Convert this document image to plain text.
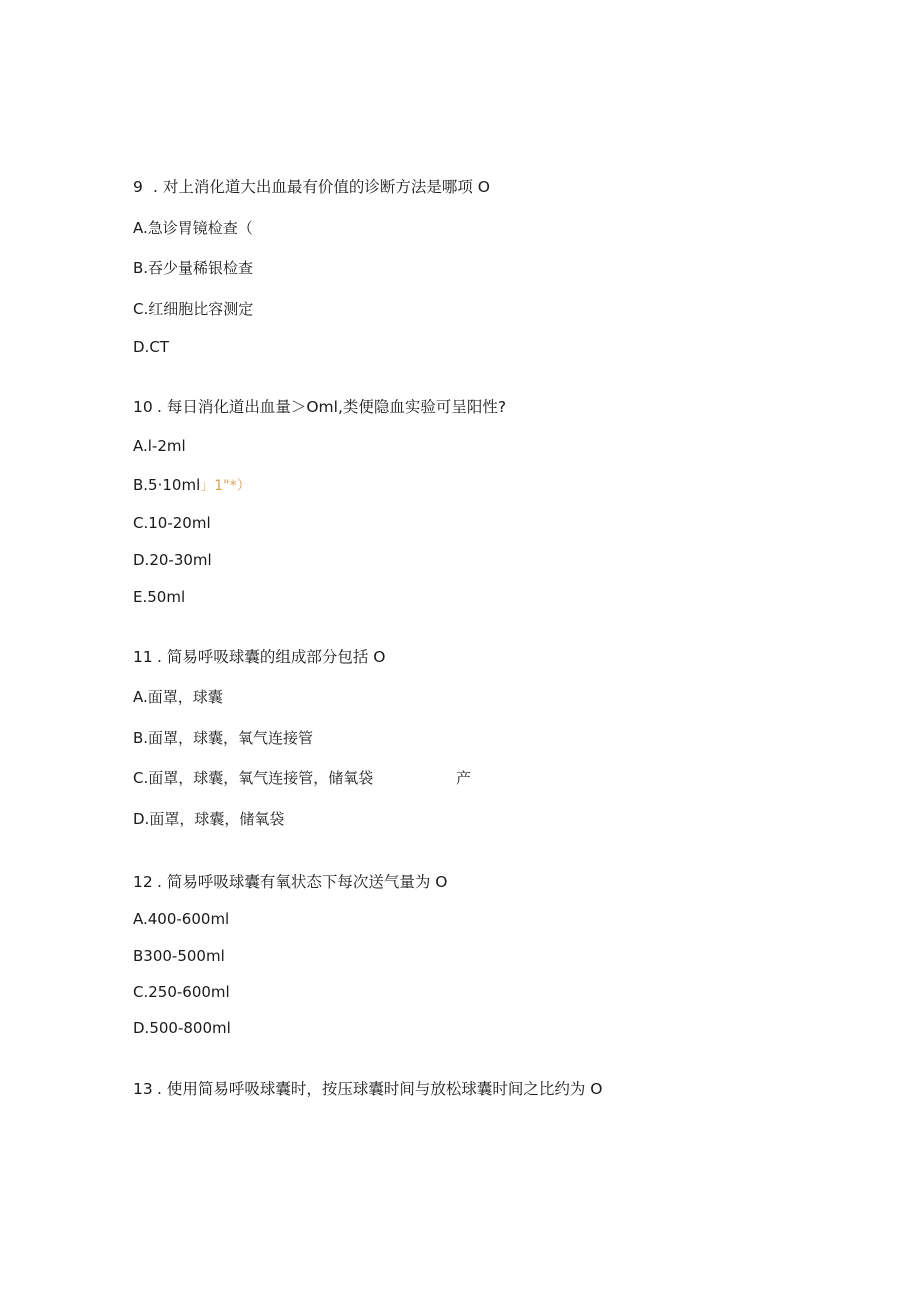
9 . 对上消化道大出血最有价值的诊断方法是哪项 O
A.急诊胃镜检查（
B.吞少量稀银检查
C.红细胞比容测定
D.CT
10 . 每日消化道出血量＞Oml,类便隐血实验可呈阳性?
A.l-2ml
B.5·10ml」1"*）
C.10-20ml
D.20-30ml
E.50ml
11 . 简易呼吸球囊的组成部分包括 O
A.面罩，球囊
B.面罩，球囊，氧气连接管
C.面罩，球囊，氧气连接管，储氧袋	产
D.面罩，球囊，储氧袋
12 . 简易呼吸球囊有氧状态下每次送气量为 O
A.400-600ml
B300-500ml
C.250-600ml
D.500-800ml
13 . 使用简易呼吸球囊时，按压球囊时间与放松球囊时间之比约为 O
